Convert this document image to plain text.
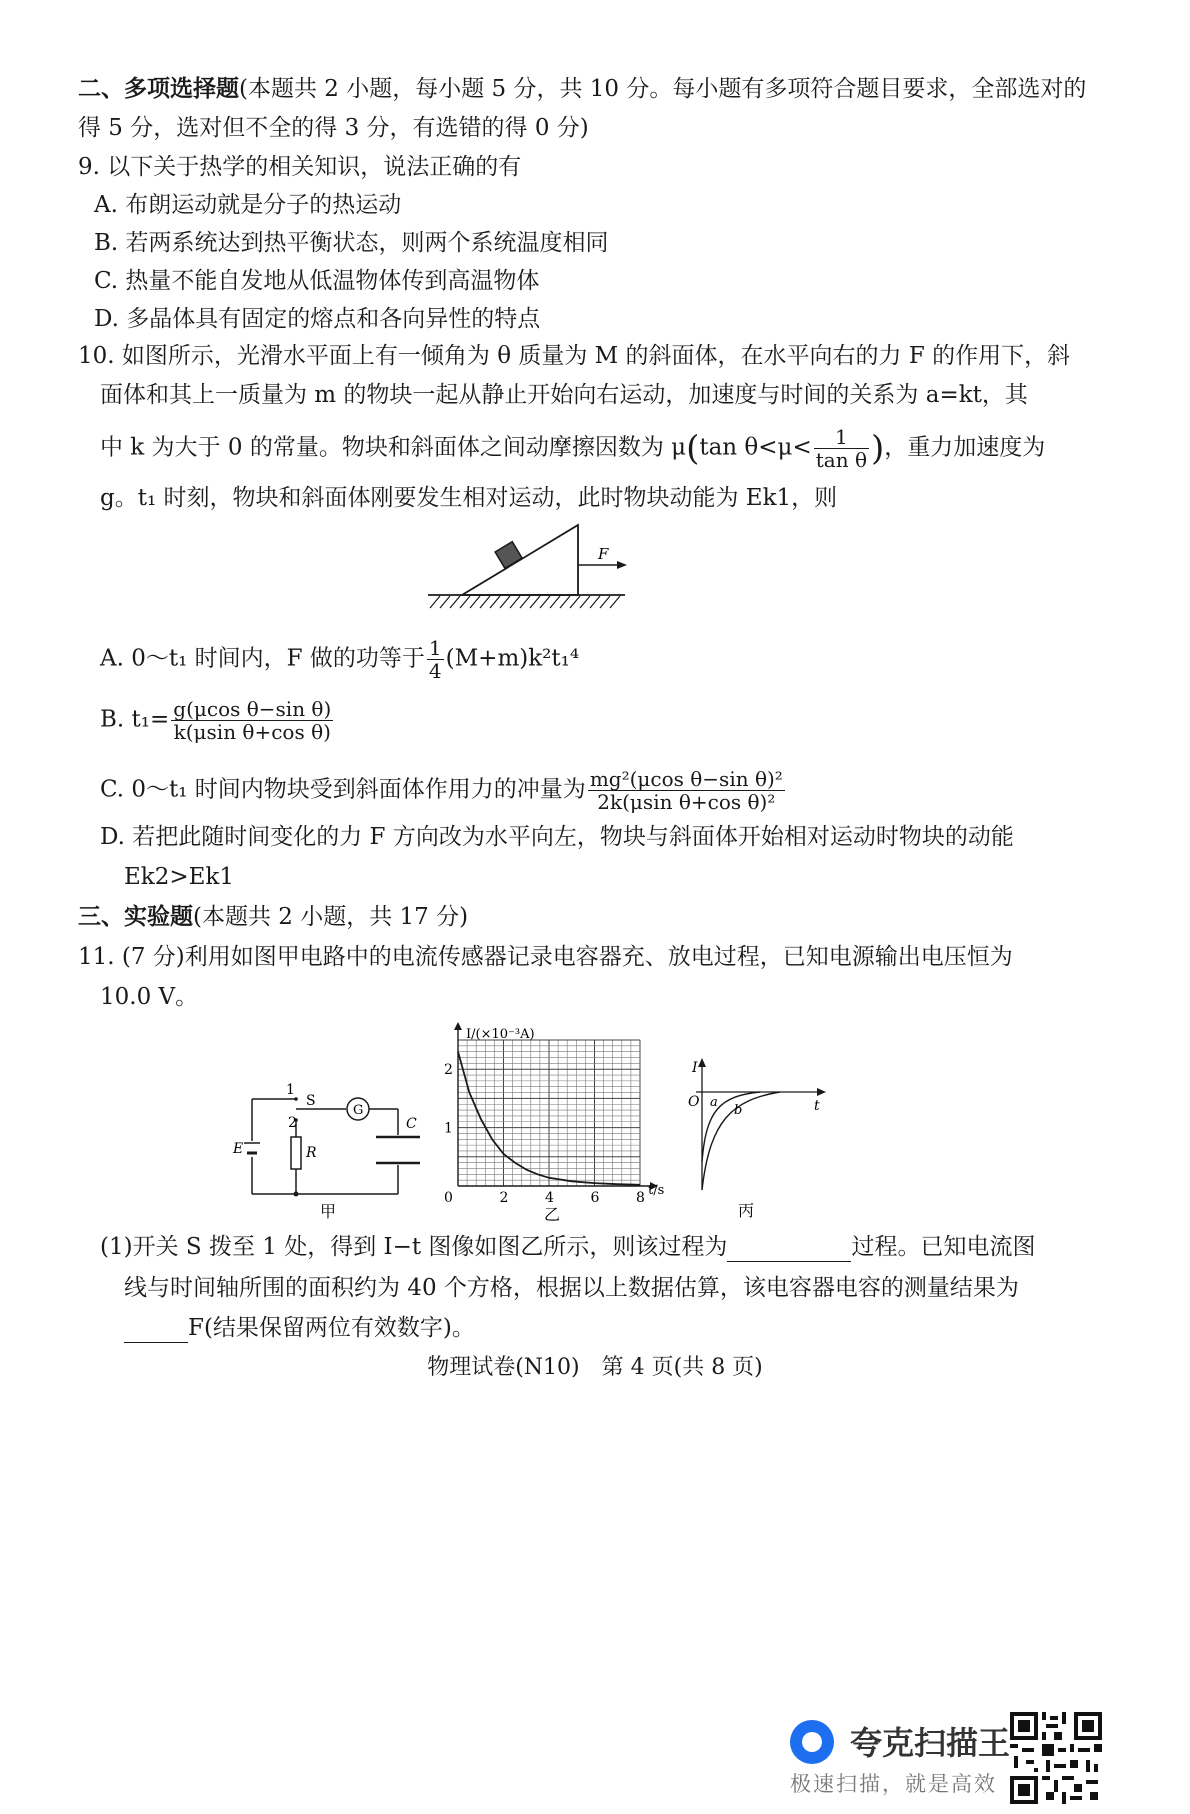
二、多项选择题(本题共 2 小题，每小题 5 分，共 10 分。每小题有多项符合题目要求，全部选对的
得 5 分，选对但不全的得 3 分，有选错的得 0 分)
9. 以下关于热学的相关知识，说法正确的有
A. 布朗运动就是分子的热运动
B. 若两系统达到热平衡状态，则两个系统温度相同
C. 热量不能自发地从低温物体传到高温物体
D. 多晶体具有固定的熔点和各向异性的特点
10. 如图所示，光滑水平面上有一倾角为 θ 质量为 M 的斜面体，在水平向右的力 F 的作用下，斜
面体和其上一质量为 m 的物块一起从静止开始向右运动，加速度与时间的关系为 a=kt，其
中 k 为大于 0 的常量。物块和斜面体之间动摩擦因数为 μ(tan $\theta<\mu< \frac{1}{\text{tan θ}}$ )，重力加速度为
g。t₁ 时刻，物块和斜面体刚要发生相对运动，此时物块动能为 Ek1，则
F
A. 0～t₁ 时间内，F 做的功等于 $\frac{1}{4} (M+m)k^2t_1^4$
B. $t_1= \frac{\text{g(μcos θ−sin θ)}}{\text{k(μsin θ+cos θ)}}$
C. 0～t₁ 时间内物块受到斜面体作用力的冲量为 $\frac{\text{mg²(μcos θ−sin θ)²}}{\text{2k(μsin θ+cos θ)²}}$
D. 若把此随时间变化的力 F 方向改为水平向左，物块与斜面体开始相对运动时物块的动能
Ek2>Ek1
三、实验题(本题共 2 小题，共 17 分)
11. (7 分)利用如图甲电路中的电流传感器记录电容器充、放电过程，已知电源输出电压恒为
10.0 V。
1
2
S
G
C
E	R
甲
I/(×10⁻³A)
t/s
0	2	4	6	8
1
2
乙
I
t
O a
b
丙
(1)开关 S 拨至 1 处，得到 I−t 图像如图乙所示，则该过程为	过程。已知电流图
线与时间轴所围的面积约为 40 个方格，根据以上数据估算，该电容器电容的测量结果为
F(结果保留两位有效数字)。
物理试卷(N10)　第 4 页(共 8 页)
夸克扫描王
极速扫描，就是高效
